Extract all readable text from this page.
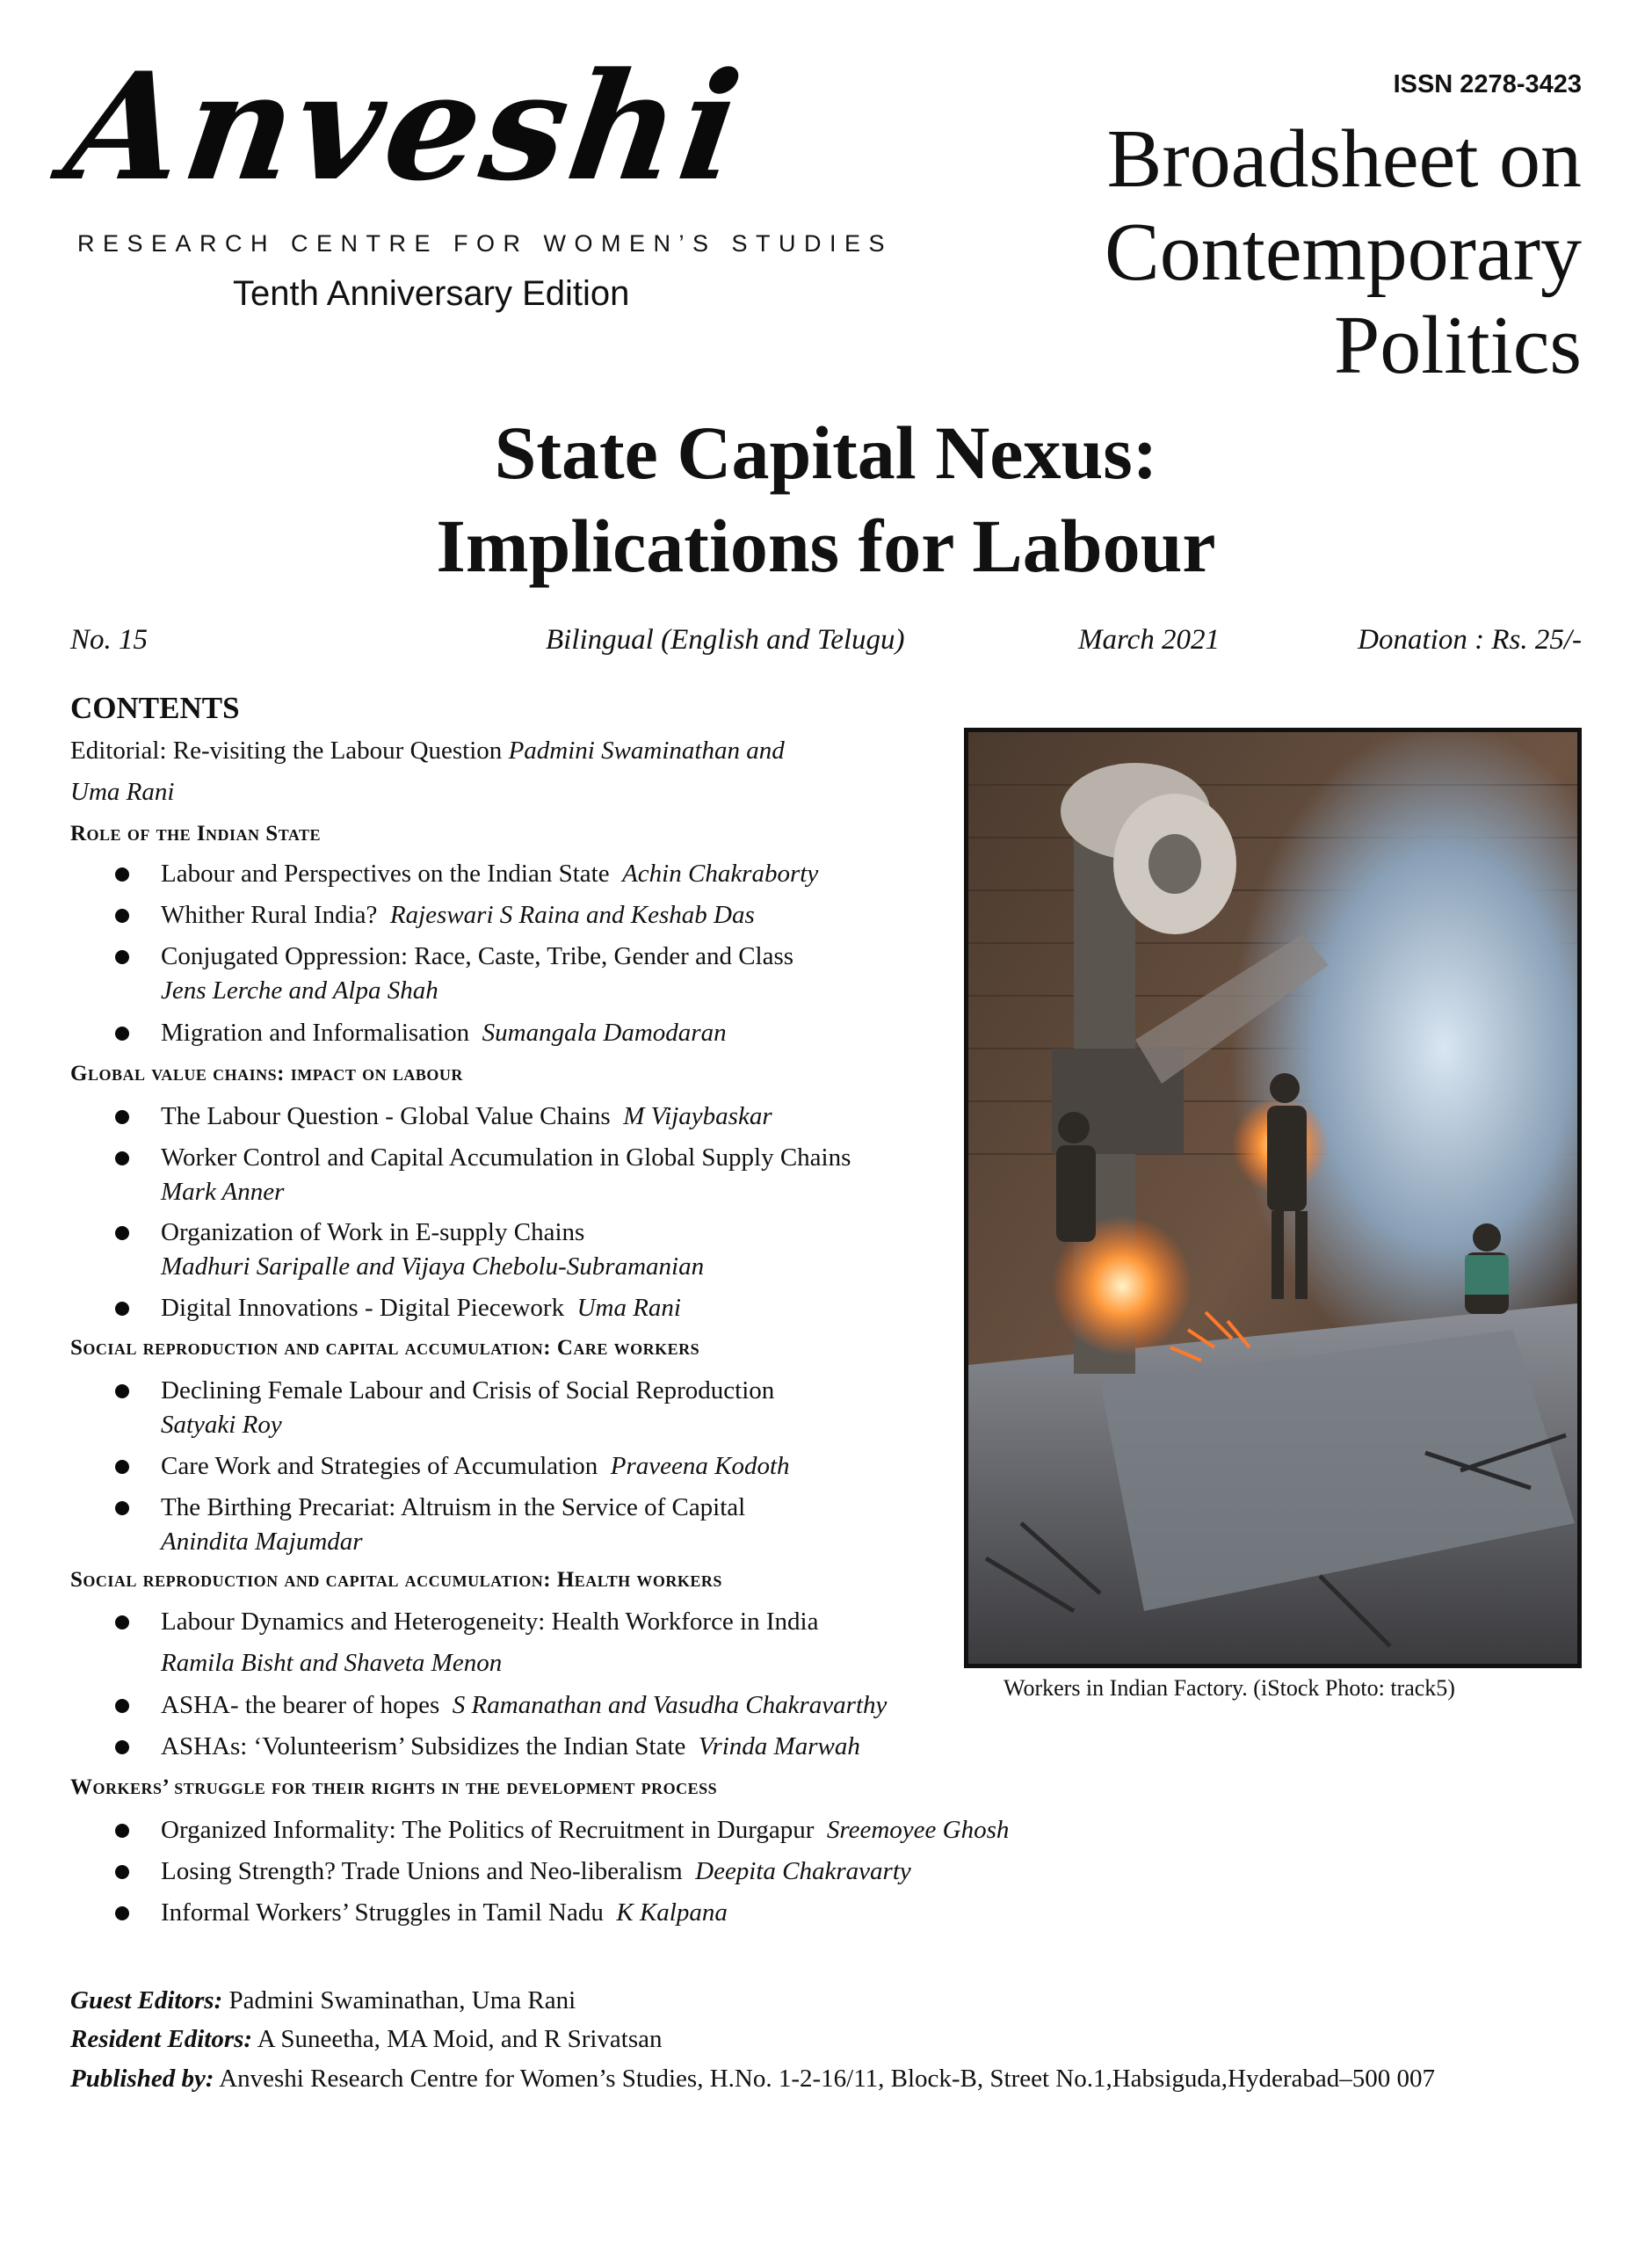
Anveshi
RESEARCH CENTRE FOR WOMEN’S STUDIES
Tenth Anniversary Edition
ISSN 2278-3423
Broadsheet on
Contemporary
Politics
State Capital Nexus:
Implications for Labour
No. 15	Bilingual (English and Telugu)	March 2021	Donation : Rs. 25/-
CONTENTS
Editorial: Re-visiting the Labour Question Padmini Swaminathan and
Uma Rani
Role of the Indian State
Labour and Perspectives on the Indian State Achin Chakraborty
Whither Rural India? Rajeswari S Raina and Keshab Das
Conjugated Oppression: Race, Caste, Tribe, Gender and Class
Jens Lerche and Alpa Shah
Migration and Informalisation Sumangala Damodaran
Global value chains: impact on labour
The Labour Question - Global Value Chains M Vijaybaskar
Worker Control and Capital Accumulation in Global Supply Chains
Mark Anner
Organization of Work in E-supply Chains
Madhuri Saripalle and Vijaya Chebolu-Subramanian
Digital Innovations - Digital Piecework Uma Rani
Social reproduction and capital accumulation: Care workers
Declining Female Labour and Crisis of Social Reproduction
Satyaki Roy
Care Work and Strategies of Accumulation Praveena Kodoth
The Birthing Precariat: Altruism in the Service of Capital
Anindita Majumdar
Social reproduction and capital accumulation: Health workers
Labour Dynamics and Heterogeneity: Health Workforce in India
Ramila Bisht and Shaveta Menon
ASHA- the bearer of hopes S Ramanathan and Vasudha Chakravarthy
ASHAs: ‘Volunteerism’ Subsidizes the Indian State Vrinda Marwah
Workers’ struggle for their rights in the development process
Organized Informality: The Politics of Recruitment in Durgapur Sreemoyee Ghosh
Losing Strength? Trade Unions and Neo-liberalism Deepita Chakravarty
Informal Workers’ Struggles in Tamil Nadu K Kalpana
Workers in Indian Factory. (iStock Photo: track5)
Guest Editors: Padmini Swaminathan, Uma Rani
Resident Editors: A Suneetha, MA Moid, and R Srivatsan
Published by: Anveshi Research Centre for Women’s Studies, H.No. 1-2-16/11, Block-B, Street No.1,Habsiguda,Hyderabad–500 007
